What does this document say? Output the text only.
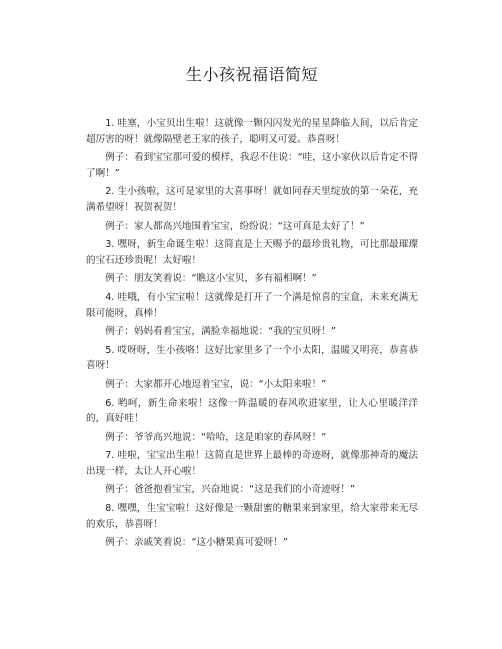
生小孩祝福语简短

1. 哇塞，小宝贝出生啦！这就像一颗闪闪发光的星星降临人间，以后肯定超厉害的呀！就像隔壁老王家的孩子，聪明又可爱。恭喜呀！

例子：看到宝宝那可爱的模样，我忍不住说：“哇，这小家伙以后肯定不得了啊！”

2. 生小孩啦，这可是家里的大喜事呀！就如同春天里绽放的第一朵花，充满希望呀！祝贺祝贺！

例子：家人都高兴地围着宝宝，纷纷说：“这可真是太好了！”

3. 嘿呀，新生命诞生啦！这简直是上天赐予的最珍贵礼物，可比那最璀璨的宝石还珍贵呢！太好啦！

例子：朋友笑着说：“瞧这小宝贝，多有福相啊！”

4. 哇哦，有小宝宝啦！这就像是打开了一个满是惊喜的宝盒，未来充满无限可能呀，真棒！

例子：妈妈看着宝宝，满脸幸福地说：“我的宝贝呀！”

5. 哎呀呀，生小孩咯！这好比家里多了一个小太阳，温暖又明亮，恭喜恭喜呀！

例子：大家都开心地逗着宝宝，说：“小太阳来啦！”

6. 哟呵，新生命来啦！这像一阵温暖的春风吹进家里，让人心里暖洋洋的，真好哇！

例子：爷爷高兴地说：“哈哈，这是咱家的春风呀！”

7. 哇啦，宝宝出生啦！这简直是世界上最棒的奇迹呀，就像那神奇的魔法出现一样，太让人开心啦！

例子：爸爸抱着宝宝，兴奋地说：“这是我们的小奇迹呀！”

8. 嘿嘿，生宝宝啦！这好像是一颗甜蜜的糖果来到家里，给大家带来无尽的欢乐，恭喜呀！

例子：亲戚笑着说：“这小糖果真可爱呀！”
